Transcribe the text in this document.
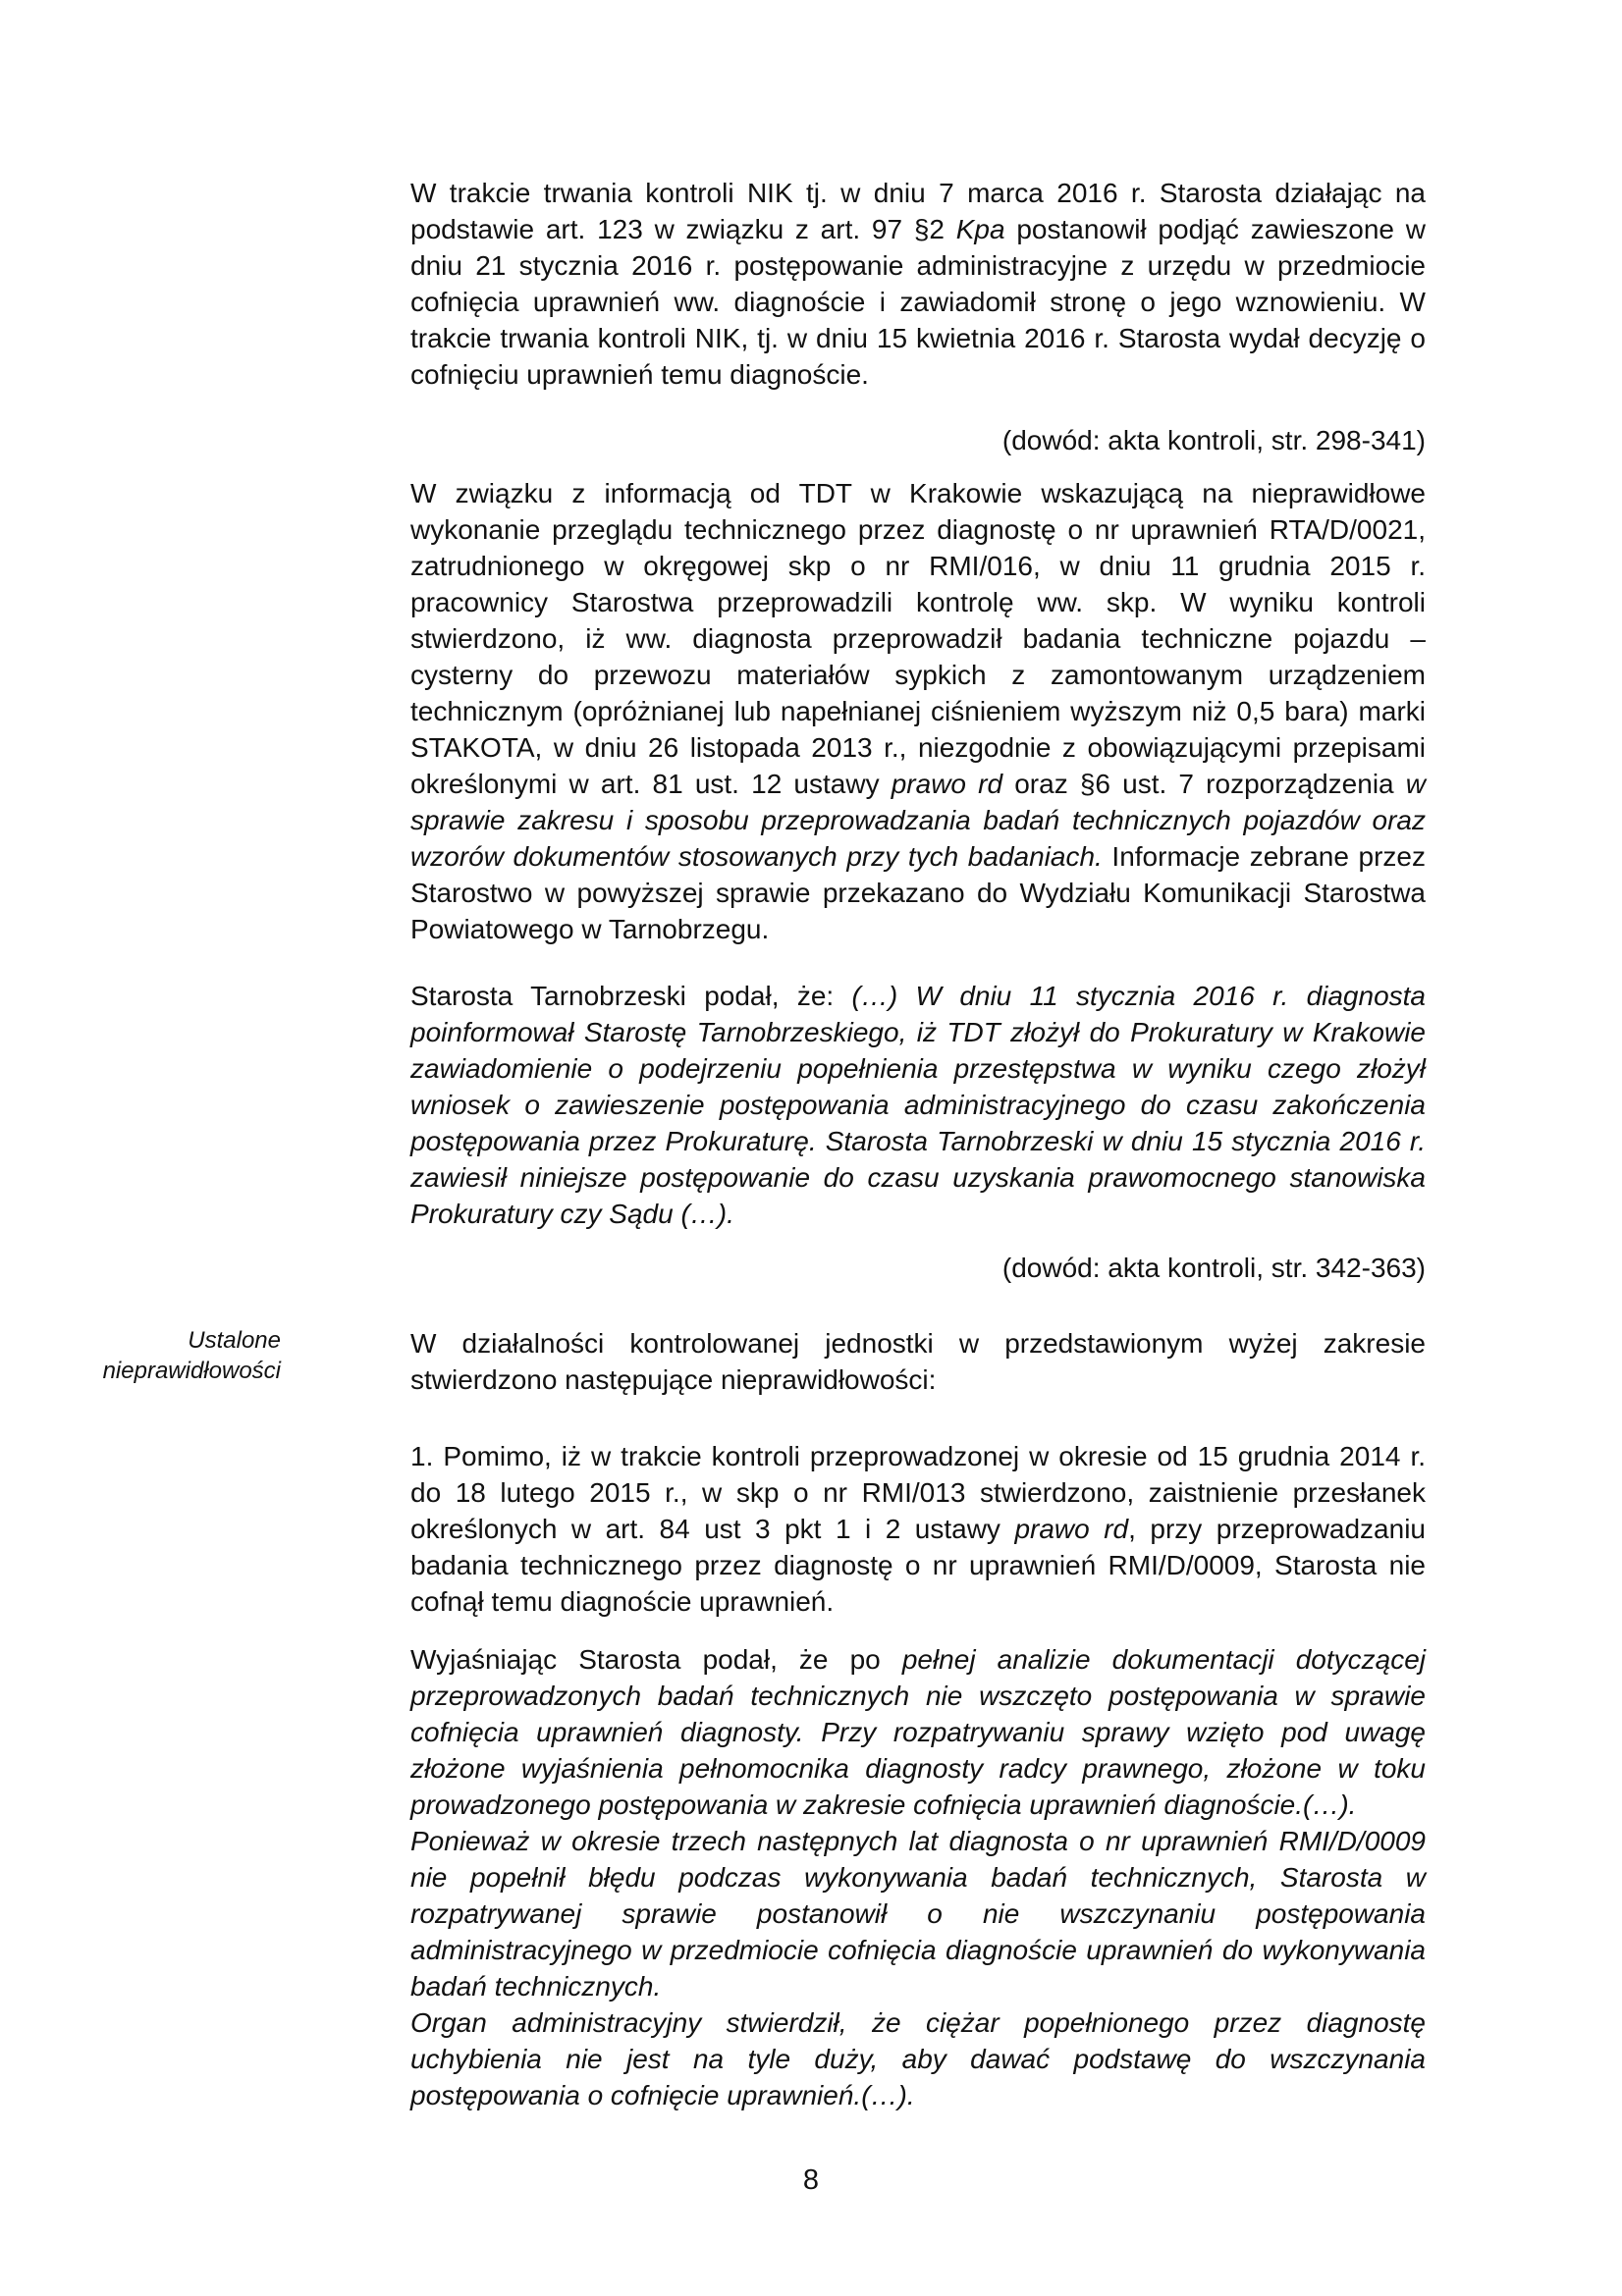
W trakcie trwania kontroli NIK tj. w dniu 7 marca 2016 r. Starosta działając na podstawie art. 123 w związku z art. 97 §2 Kpa postanowił podjąć zawieszone w dniu 21 stycznia 2016 r. postępowanie administracyjne z urzędu w przedmiocie cofnięcia uprawnień ww. diagnoście i zawiadomił stronę o jego wznowieniu. W trakcie trwania kontroli NIK, tj. w dniu 15 kwietnia 2016 r. Starosta wydał decyzję o cofnięciu uprawnień temu diagnoście.

(dowód: akta kontroli, str. 298-341)

W związku z informacją od TDT w Krakowie wskazującą na nieprawidłowe wykonanie przeglądu technicznego przez diagnostę o nr uprawnień RTA/D/0021, zatrudnionego w okręgowej skp o nr RMI/016, w dniu 11 grudnia 2015 r. pracownicy Starostwa przeprowadzili kontrolę ww. skp. W wyniku kontroli stwierdzono, iż ww. diagnosta przeprowadził badania techniczne pojazdu – cysterny do przewozu materiałów sypkich z zamontowanym urządzeniem technicznym (opróżnianej lub napełnianej ciśnieniem wyższym niż 0,5 bara) marki STAKOTA, w dniu 26 listopada 2013 r., niezgodnie z obowiązującymi przepisami określonymi w art. 81 ust. 12 ustawy prawo rd oraz §6 ust. 7 rozporządzenia w sprawie zakresu i sposobu przeprowadzania badań technicznych pojazdów oraz wzorów dokumentów stosowanych przy tych badaniach. Informacje zebrane przez Starostwo w powyższej sprawie przekazano do Wydziału Komunikacji Starostwa Powiatowego w Tarnobrzegu.

Starosta Tarnobrzeski podał, że: (…) W dniu 11 stycznia 2016 r. diagnosta poinformował Starostę Tarnobrzeskiego, iż TDT złożył do Prokuratury w Krakowie zawiadomienie o podejrzeniu popełnienia przestępstwa w wyniku czego złożył wniosek o zawieszenie postępowania administracyjnego do czasu zakończenia postępowania przez Prokuraturę. Starosta Tarnobrzeski w dniu 15 stycznia 2016 r. zawiesił niniejsze postępowanie do czasu uzyskania prawomocnego stanowiska Prokuratury czy Sądu (…).

(dowód: akta kontroli, str. 342-363)

Ustalone
nieprawidłowości

W działalności kontrolowanej jednostki w przedstawionym wyżej zakresie stwierdzono następujące nieprawidłowości:

1. Pomimo, iż w trakcie kontroli przeprowadzonej w okresie od 15 grudnia 2014 r. do 18 lutego 2015 r., w skp o nr RMI/013 stwierdzono, zaistnienie przesłanek określonych w art. 84 ust 3 pkt 1 i 2 ustawy prawo rd, przy przeprowadzaniu badania technicznego przez diagnostę o nr uprawnień RMI/D/0009, Starosta nie cofnął temu diagnoście uprawnień.

Wyjaśniając Starosta podał, że po pełnej analizie dokumentacji dotyczącej przeprowadzonych badań technicznych nie wszczęto postępowania w sprawie cofnięcia uprawnień diagnosty. Przy rozpatrywaniu sprawy wzięto pod uwagę złożone wyjaśnienia pełnomocnika diagnosty radcy prawnego, złożone w toku prowadzonego postępowania w zakresie cofnięcia uprawnień diagnoście.(…).

Ponieważ w okresie trzech następnych lat diagnosta o nr uprawnień RMI/D/0009 nie popełnił błędu podczas wykonywania badań technicznych, Starosta w rozpatrywanej sprawie postanowił o nie wszczynaniu postępowania administracyjnego w przedmiocie cofnięcia diagnoście uprawnień do wykonywania badań technicznych.

Organ administracyjny stwierdził, że ciężar popełnionego przez diagnostę uchybienia nie jest na tyle duży, aby dawać podstawę do wszczynania postępowania o cofnięcie uprawnień.(…).

8
